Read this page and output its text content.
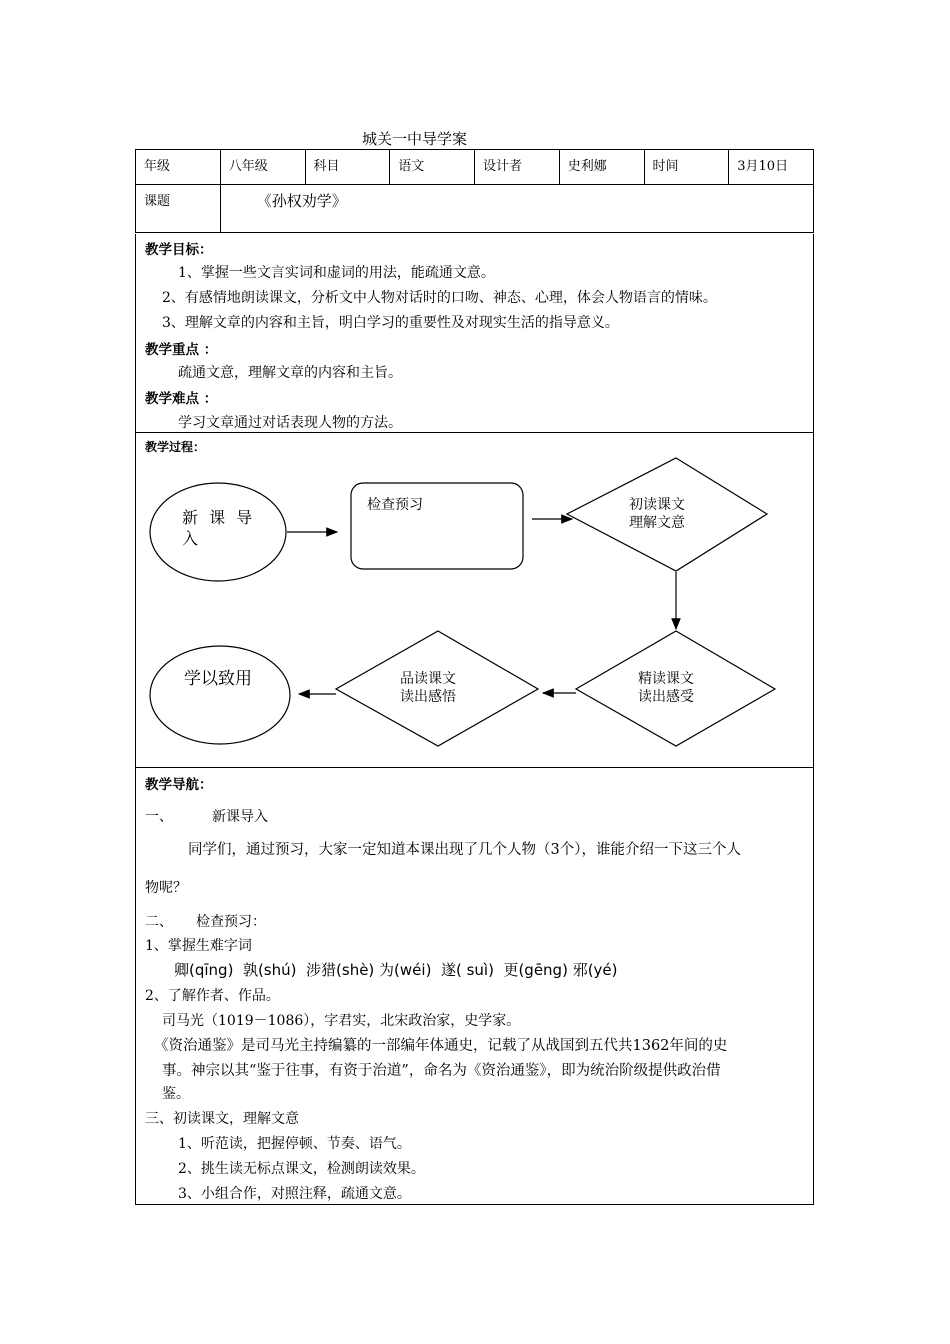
城关一中导学案
年级	八年级	科目	语文	设计者	史利娜	时间	3月10日
课题	《孙权劝学》						
教学目标：
1、掌握一些文言实词和虚词的用法，能疏通文意。
2、有感情地朗读课文，分析文中人物对话时的口吻、神态、心理，体会人物语言的情味。
3、理解文章的内容和主旨，明白学习的重要性及对现实生活的指导意义。
教学重点 ：
疏通文意，理解文章的内容和主旨。
教学难点 ：
学习文章通过对话表现人物的方法。
教学过程：
新 课 导
入
检查预习	初读课文
理解文意
精读课文
读出感受
品读课文
读出感悟
学以致用
教学导航：
一、	新课导入
同学们，通过预习，大家一定知道本课出现了几个人物（3个），谁能介绍一下这三个人
物呢？
二、 检查预习：
1、掌握生难字词
卿(qīng)  孰(shú)  涉猎(shè) 为(wéi)  遂( suì)  更(gēng) 邪(yé)
2、了解作者、作品。
司马光（1019－1086），字君实，北宋政治家，史学家。
《资治通鉴》是司马光主持编纂的一部编年体通史，记载了从战国到五代共1362年间的史
事。神宗以其“鉴于往事，有资于治道”，命名为《资治通鉴》，即为统治阶级提供政治借
鉴。
三、初读课文，理解文意
1、听范读，把握停顿、节奏、语气。
2、挑生读无标点课文，检测朗读效果。
3、小组合作，对照注释，疏通文意。
